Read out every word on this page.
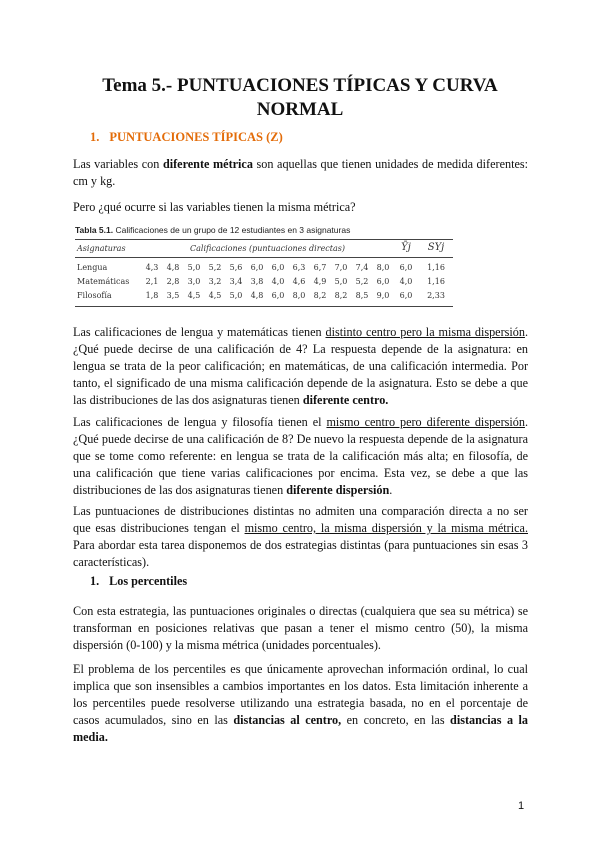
Tema 5.- PUNTUACIONES TÍPICAS Y CURVA
NORMAL
1. PUNTUACIONES TÍPICAS (Z)

Las variables con diferente métrica son aquellas que tienen unidades de medida diferentes: cm y kg.

Pero ¿qué ocurre si las variables tienen la misma métrica?

Tabla 5.1. Calificaciones de un grupo de 12 estudiantes en 3 asignaturas
Asignaturas	Calificaciones (puntuaciones directas)	Ȳj	SYj
Lengua	4,3	4,8	5,0	5,2	5,6	6,0	6,0	6,3	6,7	7,0	7,4	8,0	6,0	1,16
Matemáticas	2,1	2,8	3,0	3,2	3,4	3,8	4,0	4,6	4,9	5,0	5,2	6,0	4,0	1,16
Filosofía	1,8	3,5	4,5	4,5	5,0	4,8	6,0	8,0	8,2	8,2	8,5	9,0	6,0	2,33

Las calificaciones de lengua y matemáticas tienen distinto centro pero la misma dispersión. ¿Qué puede decirse de una calificación de 4? La respuesta depende de la asignatura: en lengua se trata de la peor calificación; en matemáticas, de una calificación intermedia. Por tanto, el significado de una misma calificación depende de la asignatura. Esto se debe a que las distribuciones de las dos asignaturas tienen diferente centro.

Las calificaciones de lengua y filosofía tienen el mismo centro pero diferente dispersión. ¿Qué puede decirse de una calificación de 8? De nuevo la respuesta depende de la asignatura que se tome como referente: en lengua se trata de la calificación más alta; en filosofía, de una calificación que tiene varias calificaciones por encima. Esta vez, se debe a que las distribuciones de las dos asignaturas tienen diferente dispersión.

Las puntuaciones de distribuciones distintas no admiten una comparación directa a no ser que esas distribuciones tengan el mismo centro, la misma dispersión y la misma métrica. Para abordar esta tarea disponemos de dos estrategias distintas (para puntuaciones sin esas 3 características).

1. Los percentiles

Con esta estrategia, las puntuaciones originales o directas (cualquiera que sea su métrica) se transforman en posiciones relativas que pasan a tener el mismo centro (50), la misma dispersión (0-100) y la misma métrica (unidades porcentuales).

El problema de los percentiles es que únicamente aprovechan información ordinal, lo cual implica que son insensibles a cambios importantes en los datos. Esta limitación inherente a los percentiles puede resolverse utilizando una estrategia basada, no en el porcentaje de casos acumulados, sino en las distancias al centro, en concreto, en las distancias a la media.

1
